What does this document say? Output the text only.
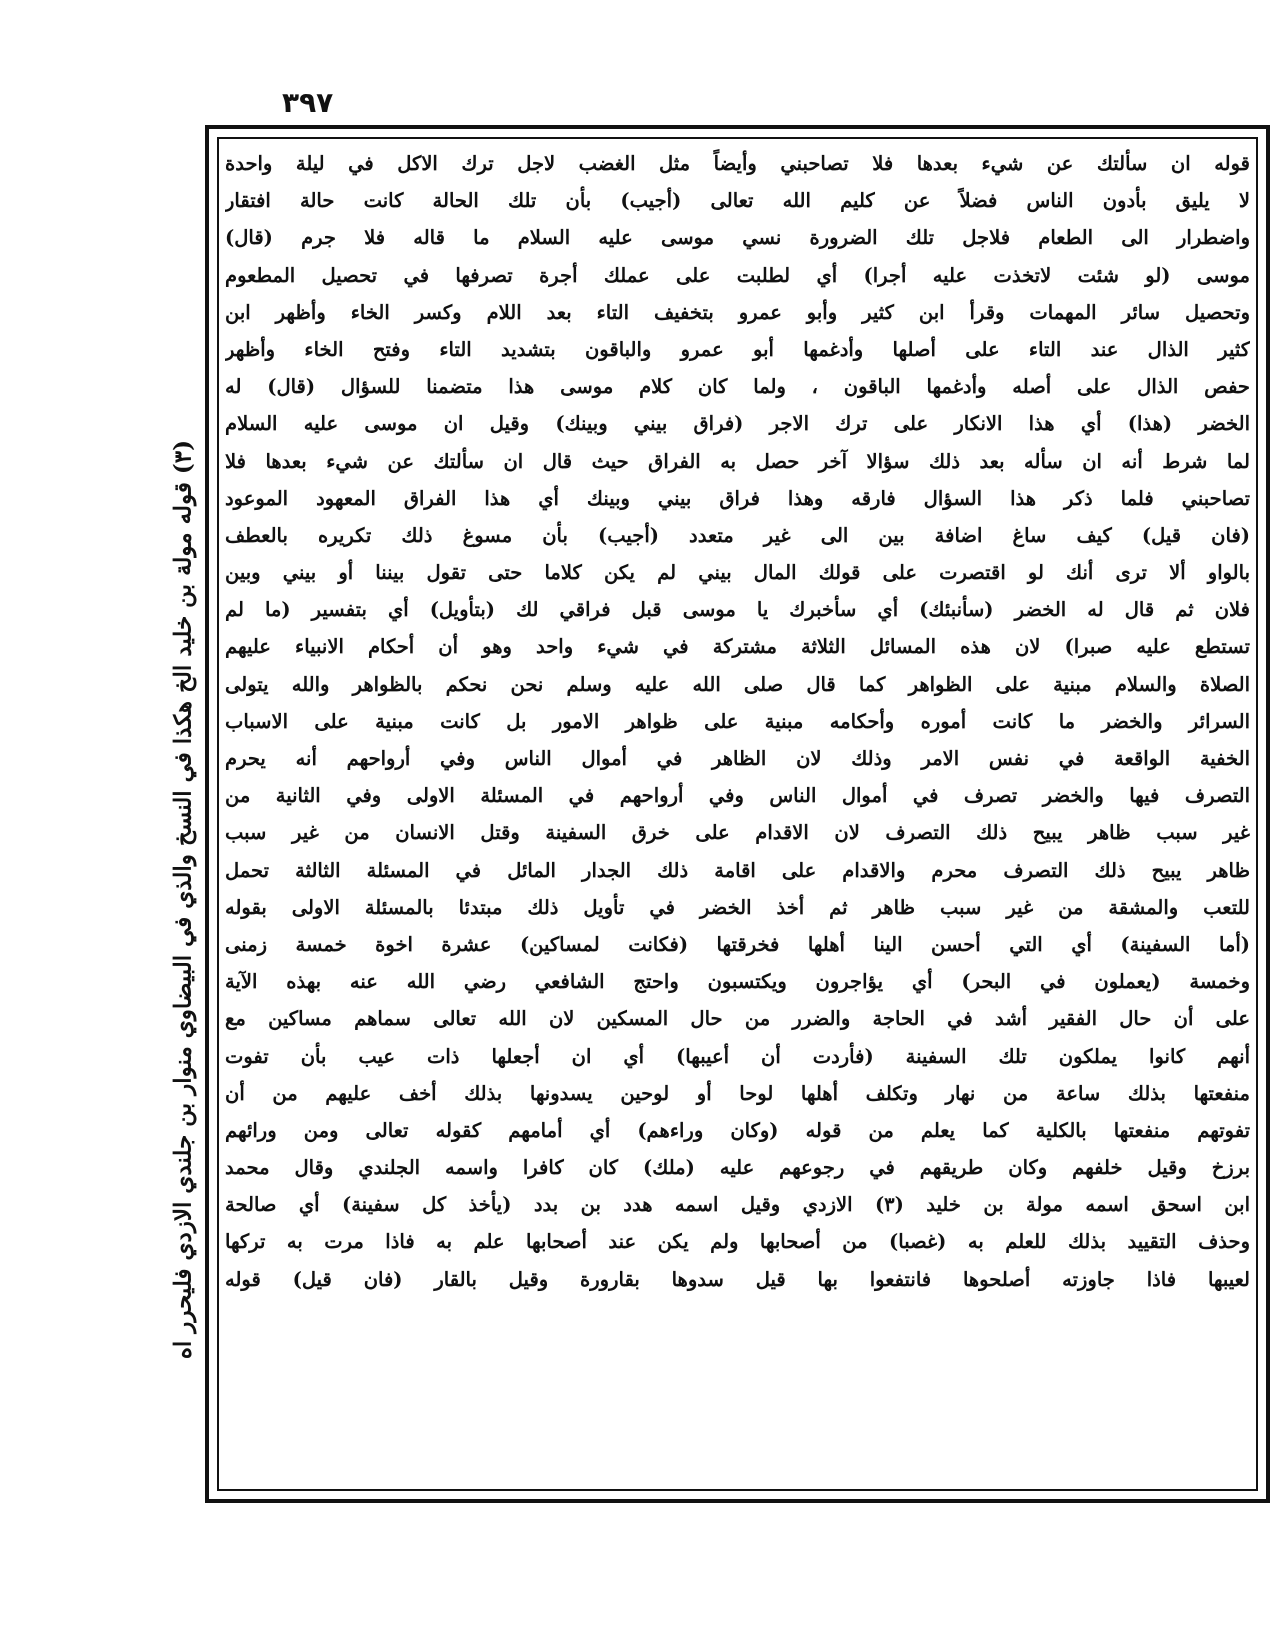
٣٩٧
قوله ان سألتك عن شيء بعدها فلا تصاحبني وأيضاً مثل الغضب لاجل ترك الاكل في ليلة واحدة
لا يليق بأدون الناس فضلاً عن كليم الله تعالى (أجيب) بأن تلك الحالة كانت حالة افتقار
واضطرار الى الطعام فلاجل تلك الضرورة نسي موسى عليه السلام ما قاله فلا جرم (قال)
موسى (لو شئت لاتخذت عليه أجرا) أي لطلبت على عملك أجرة تصرفها في تحصيل المطعوم
وتحصيل سائر المهمات وقرأ ابن كثير وأبو عمرو بتخفيف التاء بعد اللام وكسر الخاء وأظهر ابن
كثير الذال عند التاء على أصلها وأدغمها أبو عمرو والباقون بتشديد التاء وفتح الخاء وأظهر
حفص الذال على أصله وأدغمها الباقون ، ولما كان كلام موسى هذا متضمنا للسؤال (قال) له
الخضر (هذا) أي هذا الانكار على ترك الاجر (فراق بيني وبينك) وقيل ان موسى عليه السلام
لما شرط أنه ان سأله بعد ذلك سؤالا آخر حصل به الفراق حيث قال ان سألتك عن شيء بعدها فلا
تصاحبني فلما ذكر هذا السؤال فارقه وهذا فراق بيني وبينك أي هذا الفراق المعهود الموعود
(فان قيل) كيف ساغ اضافة بين الى غير متعدد (أجيب) بأن مسوغ ذلك تكريره بالعطف
بالواو ألا ترى أنك لو اقتصرت على قولك المال بيني لم يكن كلاما حتى تقول بيننا أو بيني وبين
فلان ثم قال له الخضر (سأنبئك) أي سأخبرك يا موسى قبل فراقي لك (بتأويل) أي بتفسير (ما لم
تستطع عليه صبرا) لان هذه المسائل الثلاثة مشتركة في شيء واحد وهو أن أحكام الانبياء عليهم
الصلاة والسلام مبنية على الظواهر كما قال صلى الله عليه وسلم نحن نحكم بالظواهر والله يتولى
السرائر والخضر ما كانت أموره وأحكامه مبنية على ظواهر الامور بل كانت مبنية على الاسباب
الخفية الواقعة في نفس الامر وذلك لان الظاهر في أموال الناس وفي أرواحهم أنه يحرم
التصرف فيها والخضر تصرف في أموال الناس وفي أرواحهم في المسئلة الاولى وفي الثانية من
غير سبب ظاهر يبيح ذلك التصرف لان الاقدام على خرق السفينة وقتل الانسان من غير سبب
ظاهر يبيح ذلك التصرف محرم والاقدام على اقامة ذلك الجدار المائل في المسئلة الثالثة تحمل
للتعب والمشقة من غير سبب ظاهر ثم أخذ الخضر في تأويل ذلك مبتدئا بالمسئلة الاولى بقوله
(أما السفينة) أي التي أحسن الينا أهلها فخرقتها (فكانت لمساكين) عشرة اخوة خمسة زمنى
وخمسة (يعملون في البحر) أي يؤاجرون ويكتسبون واحتج الشافعي رضي الله عنه بهذه الآية
على أن حال الفقير أشد في الحاجة والضرر من حال المسكين لان الله تعالى سماهم مساكين مع
أنهم كانوا يملكون تلك السفينة (فأردت أن أعيبها) أي ان أجعلها ذات عيب بأن تفوت
منفعتها بذلك ساعة من نهار وتكلف أهلها لوحا أو لوحين يسدونها بذلك أخف عليهم من أن
تفوتهم منفعتها بالكلية كما يعلم من قوله (وكان وراءهم) أي أمامهم كقوله تعالى ومن ورائهم
برزخ وقيل خلفهم وكان طريقهم في رجوعهم عليه (ملك) كان كافرا واسمه الجلندي وقال محمد
ابن اسحق اسمه مولة بن خليد (٣) الازدي وقيل اسمه هدد بن بدد (يأخذ كل سفينة) أي صالحة
وحذف التقييد بذلك للعلم به (غصبا) من أصحابها ولم يكن عند أصحابها علم به فاذا مرت به تركها
لعيبها فاذا جاوزته أصلحوها فانتفعوا بها قيل سدوها بقارورة وقيل بالقار (فان قيل) قوله
(٣) قوله مولة بن خليد الخ هكذا في النسخ والذي في البيضاوي منوار بن جلندي الازدي فليحرر اه
